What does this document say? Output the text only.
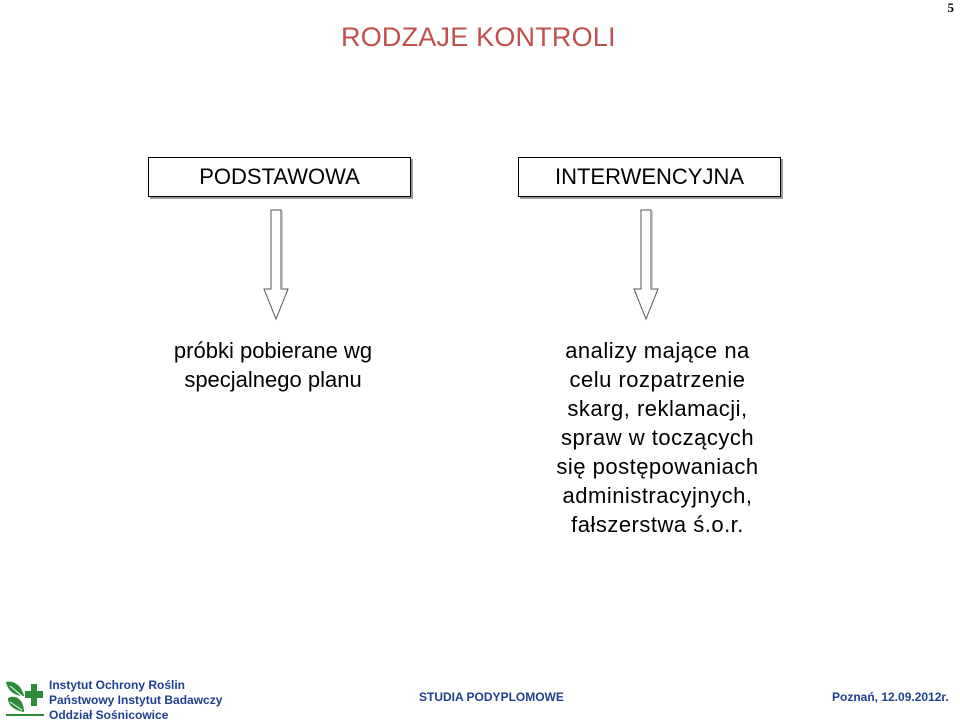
5
RODZAJE KONTROLI
PODSTAWOWA	INTERWENCYJNA

próbki pobierane wg

specjalnego planu

analizy mające na

celu rozpatrzenie

skarg, reklamacji,

spraw w toczących

się postępowaniach

administracyjnych,

fałszerstwa ś.o.r.

Instytut Ochrony Roślin
Państwowy Instytut Badawczy
Oddział Sośnicowice
STUDIA PODYPLOMOWE	Poznań, 12.09.2012r.
